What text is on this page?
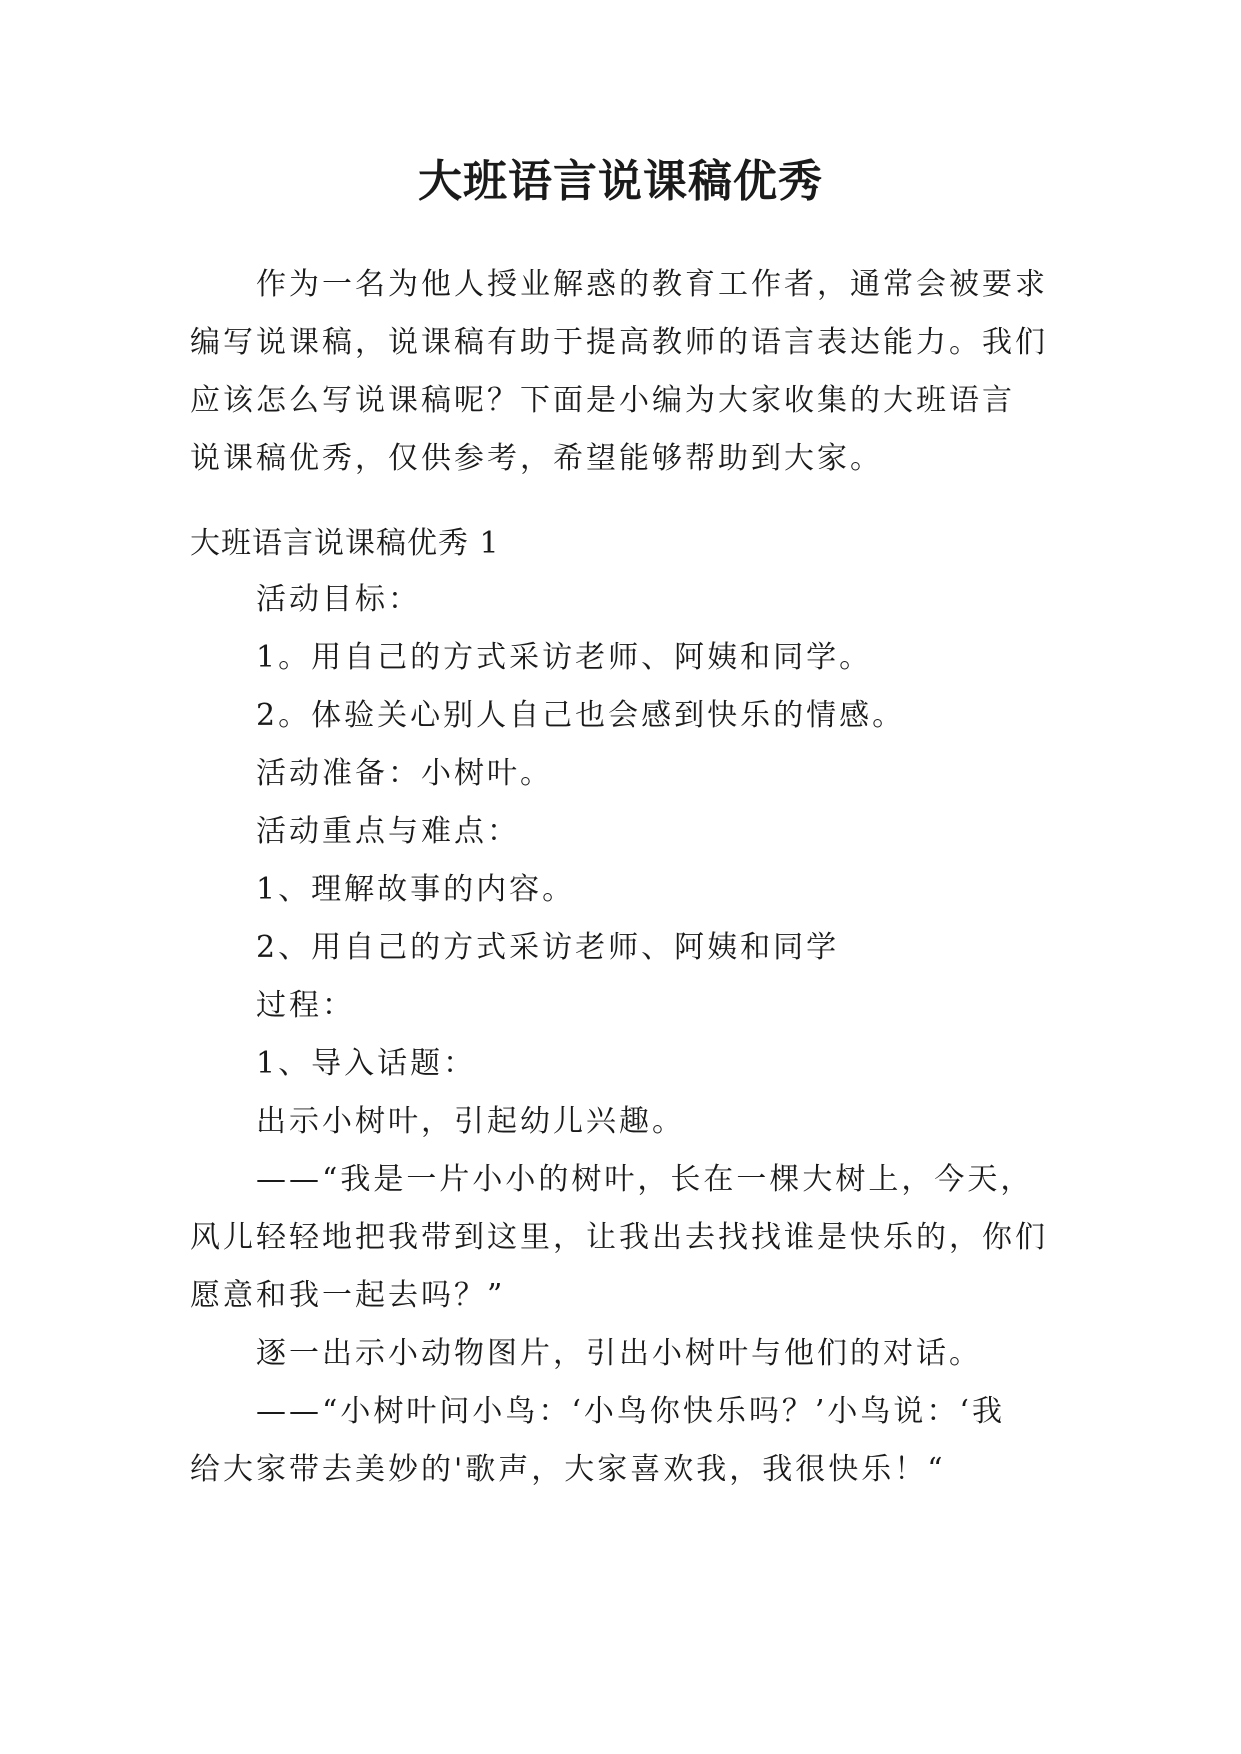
大班语言说课稿优秀
作为一名为他人授业解惑的教育工作者，通常会被要求
编写说课稿，说课稿有助于提高教师的语言表达能力。我们
应该怎么写说课稿呢？下面是小编为大家收集的大班语言
说课稿优秀，仅供参考，希望能够帮助到大家。
大班语言说课稿优秀 1
活动目标：
1。用自己的方式采访老师、阿姨和同学。
2。体验关心别人自己也会感到快乐的情感。
活动准备：小树叶。
活动重点与难点：
1、理解故事的内容。
2、用自己的方式采访老师、阿姨和同学
过程：
1、导入话题：
出示小树叶，引起幼儿兴趣。
——“我是一片小小的树叶，长在一棵大树上，今天，
风儿轻轻地把我带到这里，让我出去找找谁是快乐的，你们
愿意和我一起去吗？”
逐一出示小动物图片，引出小树叶与他们的对话。
——“小树叶问小鸟：‘小鸟你快乐吗？’小鸟说：‘我
给大家带去美妙的'歌声，大家喜欢我，我很快乐！“
